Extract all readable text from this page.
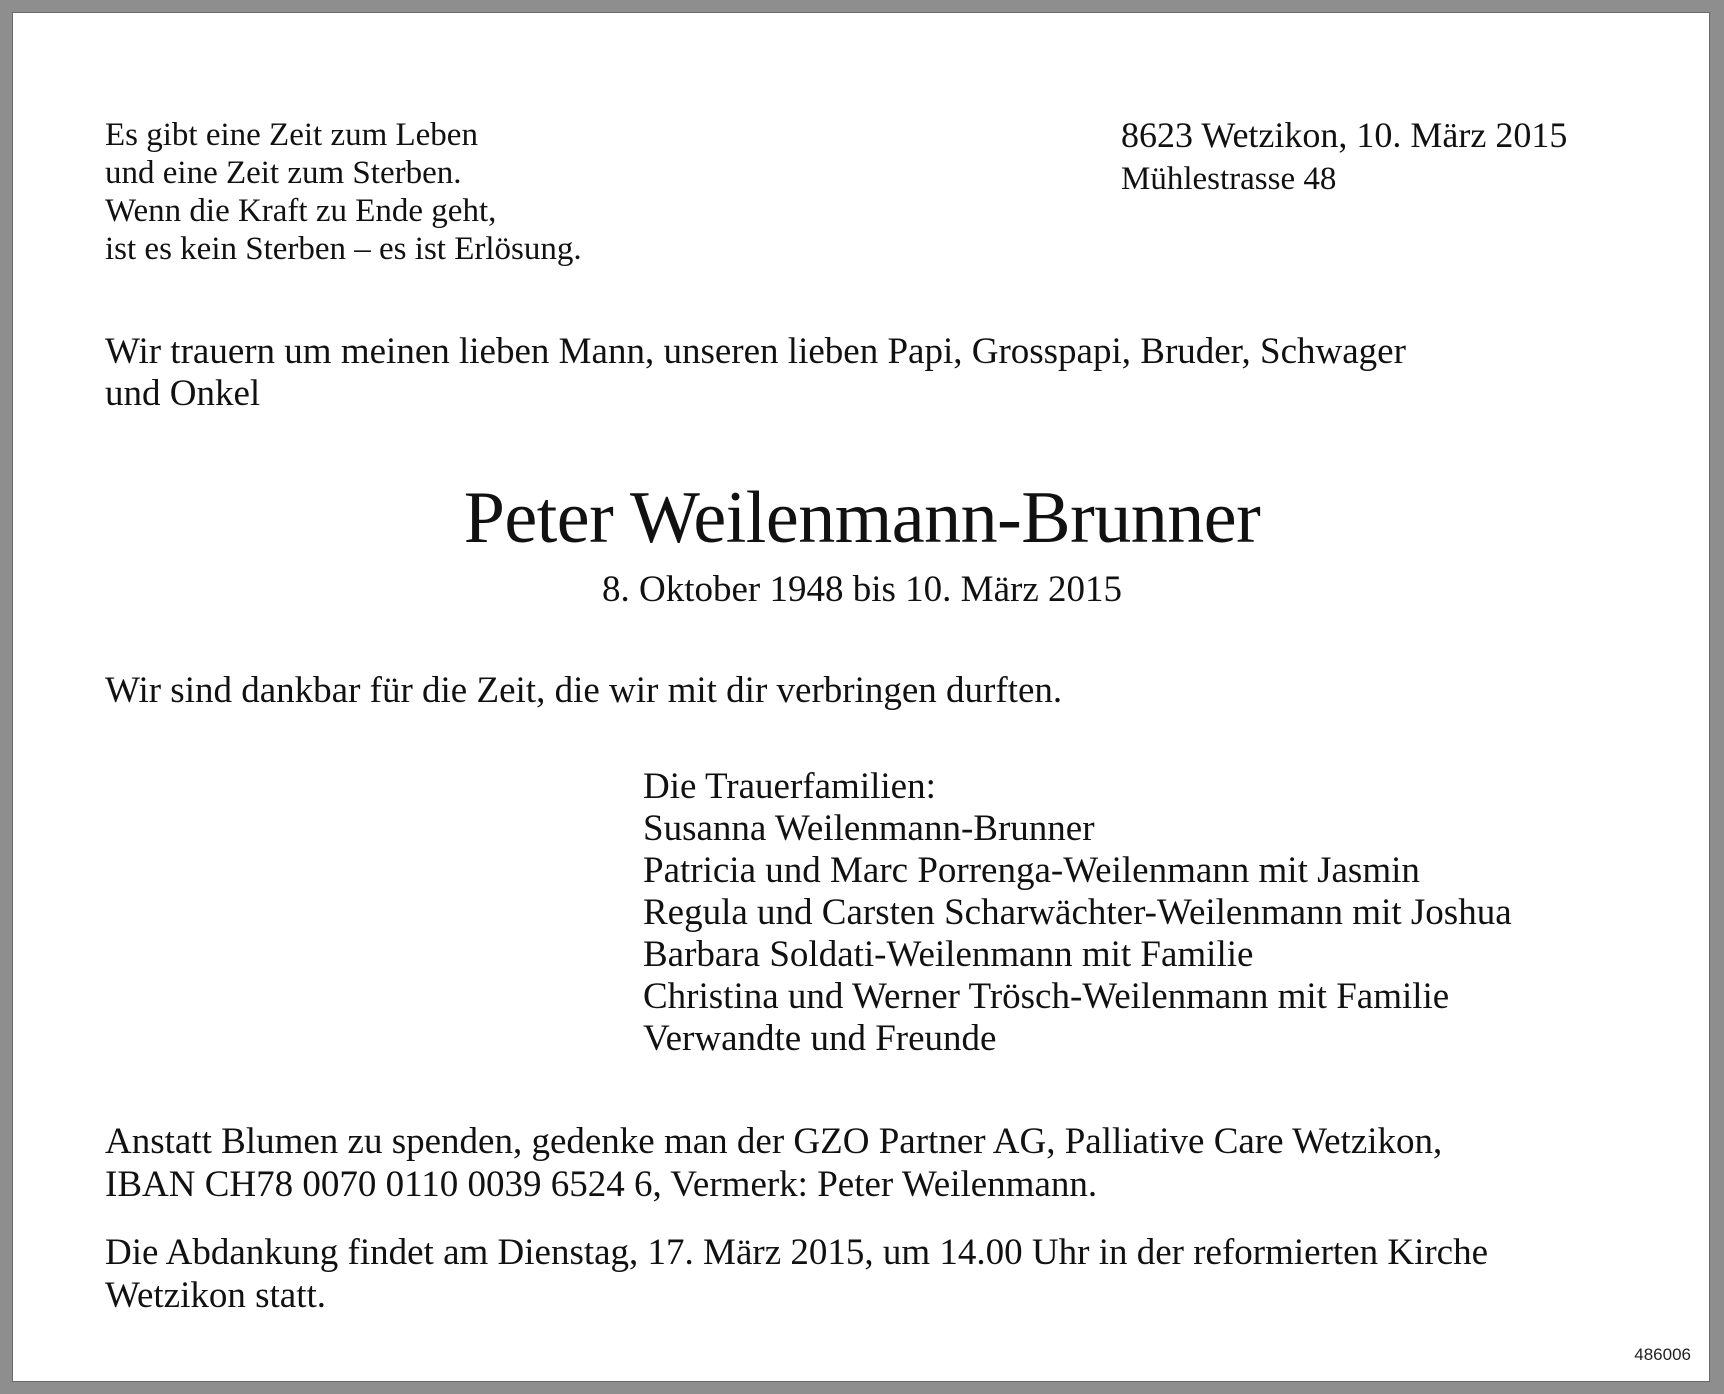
Es gibt eine Zeit zum Leben
und eine Zeit zum Sterben.
Wenn die Kraft zu Ende geht,
ist es kein Sterben – es ist Erlösung.
8623 Wetzikon, 10. März 2015
Mühlestrasse 48
Wir trauern um meinen lieben Mann, unseren lieben Papi, Grosspapi, Bruder, Schwager
und Onkel
Peter Weilenmann-Brunner
8. Oktober 1948 bis 10. März 2015
Wir sind dankbar für die Zeit, die wir mit dir verbringen durften.
Die Trauerfamilien:
Susanna Weilenmann-Brunner
Patricia und Marc Porrenga-Weilenmann mit Jasmin
Regula und Carsten Scharwächter-Weilenmann mit Joshua
Barbara Soldati-Weilenmann mit Familie
Christina und Werner Trösch-Weilenmann mit Familie
Verwandte und Freunde
Anstatt Blumen zu spenden, gedenke man der GZO Partner AG, Palliative Care Wetzikon,
IBAN CH78 0070 0110 0039 6524 6, Vermerk: Peter Weilenmann.
Die Abdankung findet am Dienstag, 17. März 2015, um 14.00 Uhr in der reformierten Kirche
Wetzikon statt.
486006
